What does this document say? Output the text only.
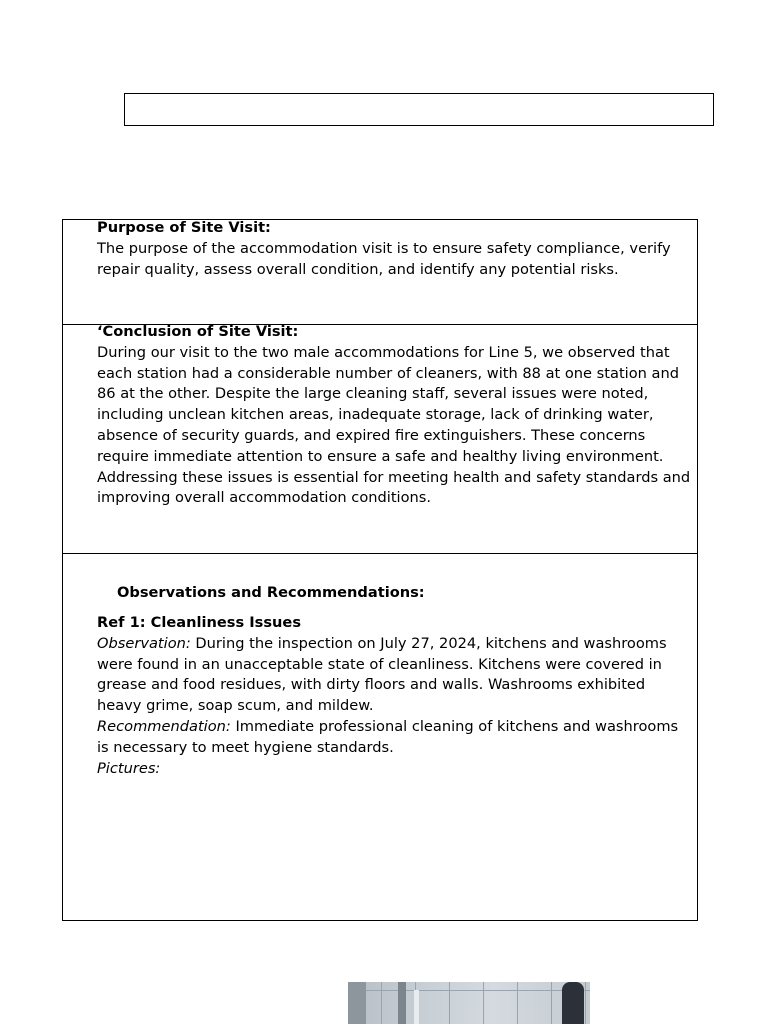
Purpose of Site Visit:
The purpose of the accommodation visit is to ensure safety compliance, verify repair quality, assess overall condition, and identify any potential risks.
‘Conclusion of Site Visit:
During our visit to the two male accommodations for Line 5, we observed that each station had a considerable number of cleaners, with 88 at one station and 86 at the other. Despite the large cleaning staff, several issues were noted, including unclean kitchen areas, inadequate storage, lack of drinking water, absence of security guards, and expired fire extinguishers. These concerns require immediate attention to ensure a safe and healthy living environment. Addressing these issues is essential for meeting health and safety standards and improving overall accommodation conditions.
Observations and Recommendations:
Ref 1: Cleanliness Issues
Observation: During the inspection on July 27, 2024, kitchens and washrooms were found in an unacceptable state of cleanliness. Kitchens were covered in grease and food residues, with dirty floors and walls. Washrooms exhibited heavy grime, soap scum, and mildew.
Recommendation: Immediate professional cleaning of kitchens and washrooms is necessary to meet hygiene standards.
Pictures:
